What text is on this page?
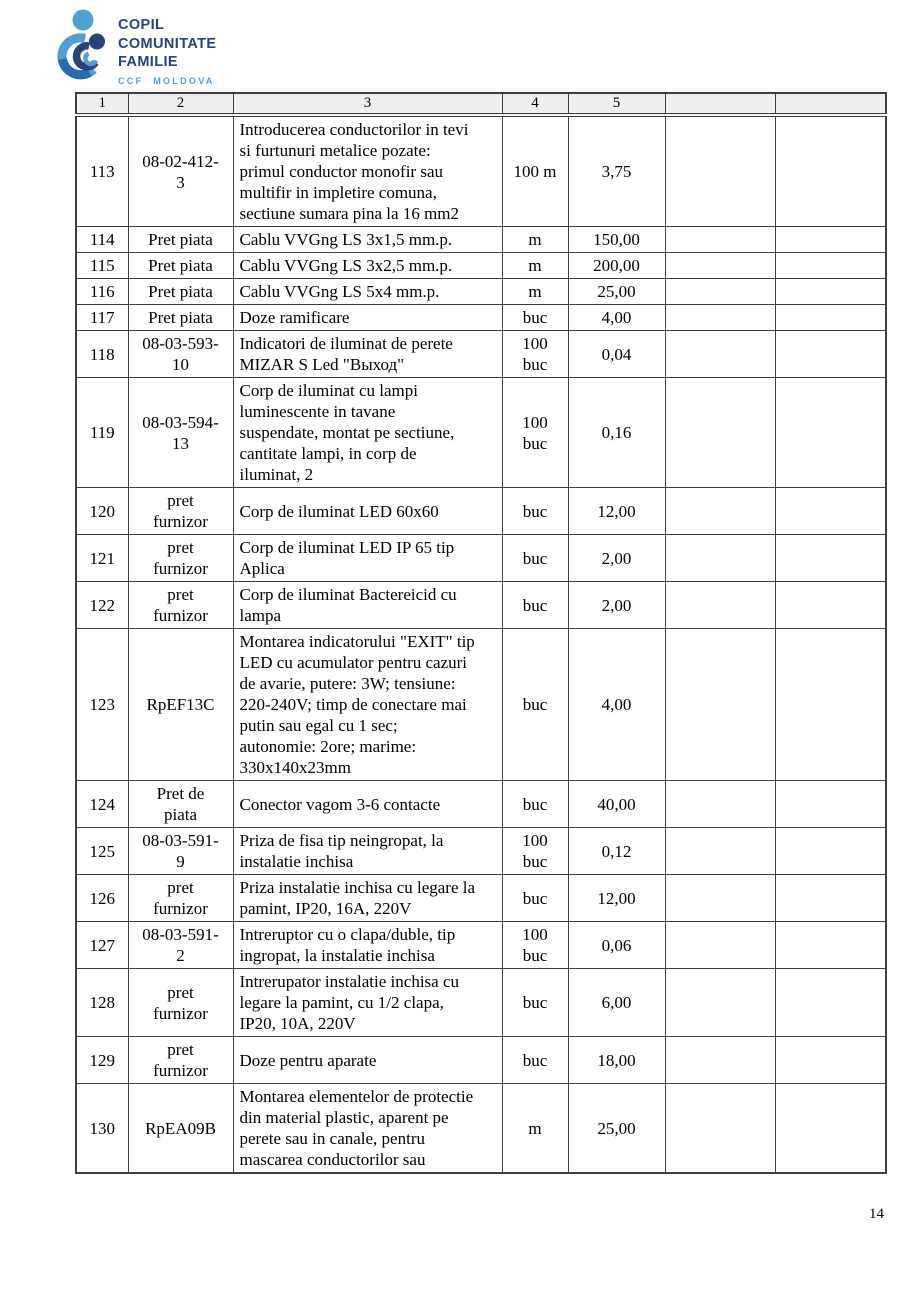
COPIL
COMUNITATE
FAMILIE
CCF MOLDOVA
1	2	3	4	5		
113	08-02-412-3	Introducerea conductorilor in tevi si furtunuri metalice pozate: primul conductor monofir sau multifir in impletire comuna, sectiune sumara pina la 16 mm2	100 m	3,75		
114	Pret piata	Cablu VVGng LS 3x1,5 mm.p.	m	150,00		
115	Pret piata	Cablu VVGng LS 3x2,5 mm.p.	m	200,00		
116	Pret piata	Cablu VVGng LS 5x4 mm.p.	m	25,00		
117	Pret piata	Doze ramificare	buc	4,00		
118	08-03-593-10	Indicatori de iluminat de perete MIZAR S Led "Выход"	100 buc	0,04		
119	08-03-594-13	Corp de iluminat cu lampi luminescente in tavane suspendate, montat pe sectiune, cantitate lampi, in corp de iluminat, 2	100 buc	0,16		
120	pret furnizor	Corp de iluminat LED 60x60	buc	12,00		
121	pret furnizor	Corp de iluminat LED IP 65 tip Aplica	buc	2,00		
122	pret furnizor	Corp de iluminat Bactereicid cu lampa	buc	2,00		
123	RpEF13C	Montarea indicatorului "EXIT" tip LED cu acumulator pentru cazuri de avarie, putere: 3W; tensiune: 220-240V; timp de conectare mai putin sau egal cu 1 sec; autonomie: 2ore; marime: 330x140x23mm	buc	4,00		
124	Pret de piata	Conector vagom 3-6 contacte	buc	40,00		
125	08-03-591-9	Priza de fisa tip neingropat, la instalatie inchisa	100 buc	0,12		
126	pret furnizor	Priza instalatie inchisa cu legare la pamint, IP20, 16A, 220V	buc	12,00		
127	08-03-591-2	Intreruptor cu o clapa/duble, tip ingropat, la instalatie inchisa	100 buc	0,06		
128	pret furnizor	Intrerupator instalatie inchisa cu legare la pamint, cu 1/2 clapa, IP20, 10A, 220V	buc	6,00		
129	pret furnizor	Doze pentru aparate	buc	18,00		
130	RpEA09B	Montarea elementelor de protectie din material plastic, aparent pe perete sau in canale, pentru mascarea conductorilor sau	m	25,00		
14
